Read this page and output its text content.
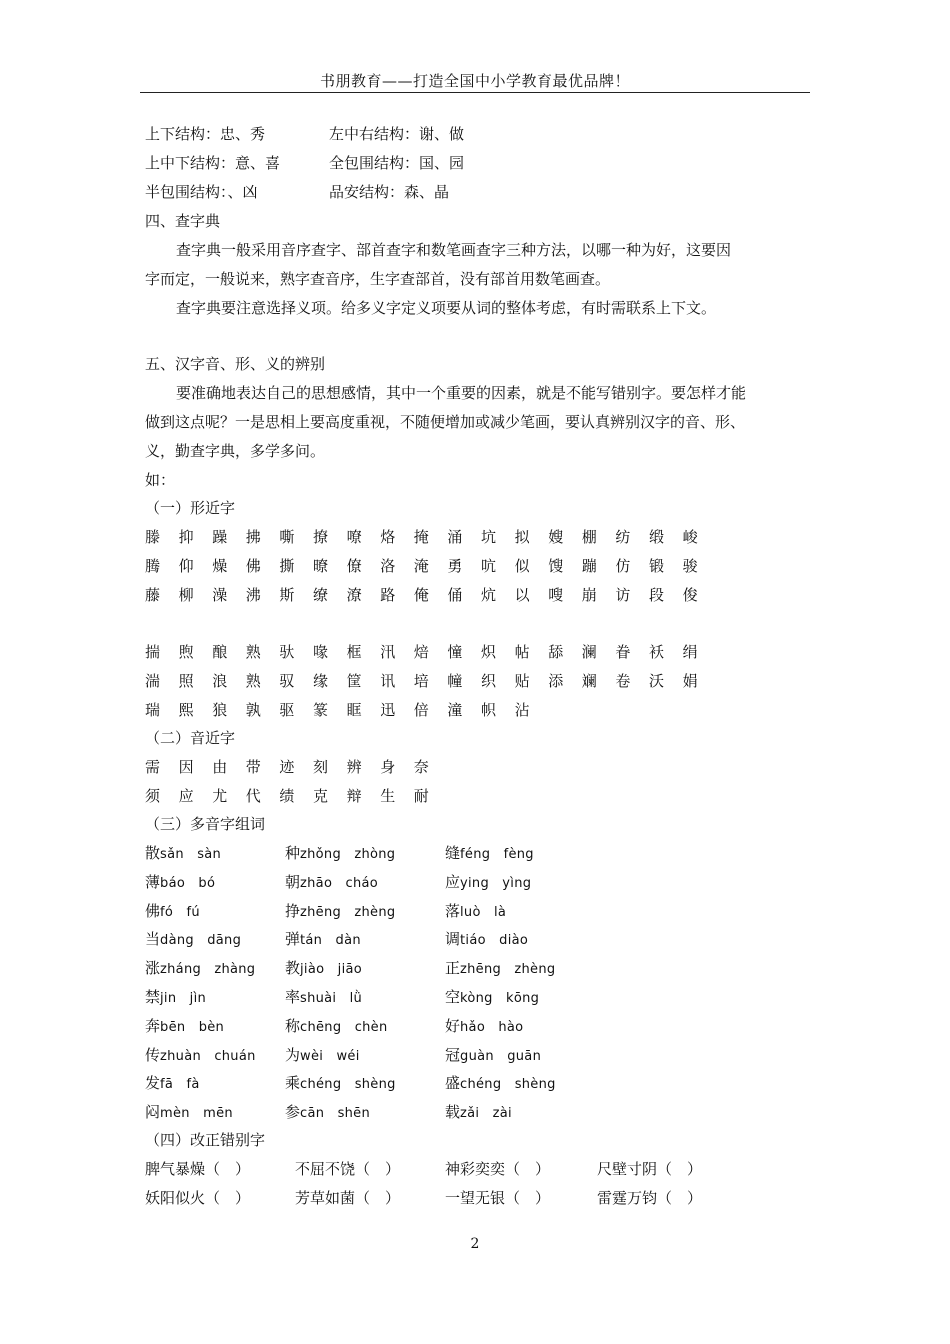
书朋教育——打造全国中小学教育最优品牌！
上下结构：忠、秀	左中右结构：谢、做
上中下结构：意、喜	全包围结构：国、园
半包围结构：、凶	品安结构：森、晶
四、查字典
查字典一般采用音序查字、部首查字和数笔画查字三种方法，以哪一种为好，这要因
字而定，一般说来，熟字查音序，生字查部首，没有部首用数笔画查。
查字典要注意选择义项。给多义字定义项要从词的整体考虑，有时需联系上下文。
五、汉字音、形、义的辨别
要准确地表达自己的思想感情，其中一个重要的因素，就是不能写错别字。要怎样才能
做到这点呢？一是思相上要高度重视，不随便增加或减少笔画，要认真辨别汉字的音、形、
义，勤查字典，多学多问。
如：
（一）形近字
（二）音近字
（三）多音字组词
（四）改正错别字
2
滕	抑	躁	拂	嘶	撩	嘹	烙	掩	涌	坑	拟	嫂	棚	纺	缎	峻
腾	仰	燥	佛	撕	暸	僚	洛	淹	勇	吭	似	馊	蹦	仿	锻	骏
藤	柳	澡	沸	斯	缭	潦	路	俺	俑	炕	以	嗖	崩	访	段	俊
揣	煦	酿	熟	驮	喙	框	汛	焙	憧	炽	帖	舔	澜	眷	袄	绢
湍	照	浪	熟	驭	缘	筐	讯	培	幢	织	贴	添	斓	卷	沃	娟
瑞	熙	狼	孰	驱	篆	眶	迅	倍	潼	帜	沾
需	因	由	带	迹	刻	辨	身	奈
须	应	尤	代	绩	克	辩	生	耐
散sǎn　sàn	种zhǒng　zhòng	缝féng　fèng
薄báo　bó	朝zhāo　cháo	应ying　yìng
佛fó　fú	挣zhēng　zhèng	落luò　là
当dàng　dāng	弹tán　dàn	调tiáo　diào
涨zháng　zhàng 教jiào　jiāo	正zhēng　zhèng
禁jin　jìn	率shuài　lǜ	空kòng　kōng
奔bēn　bèn	称chēng　chèn	好hǎo　hào
传zhuàn　chuán 为wèi　wéi	冠guàn　guān
发fā　fà	乘chéng　shèng	盛chéng　shèng
闷mèn　mēn	参cān　shēn	载zǎi　zài
脾气暴燥（　）	不屈不饶（　）	神彩奕奕（　）	尺壁寸阴（　）
妖阳似火（　）	芳草如菌（　）	一望无银（　）	雷霆万钧（　）
